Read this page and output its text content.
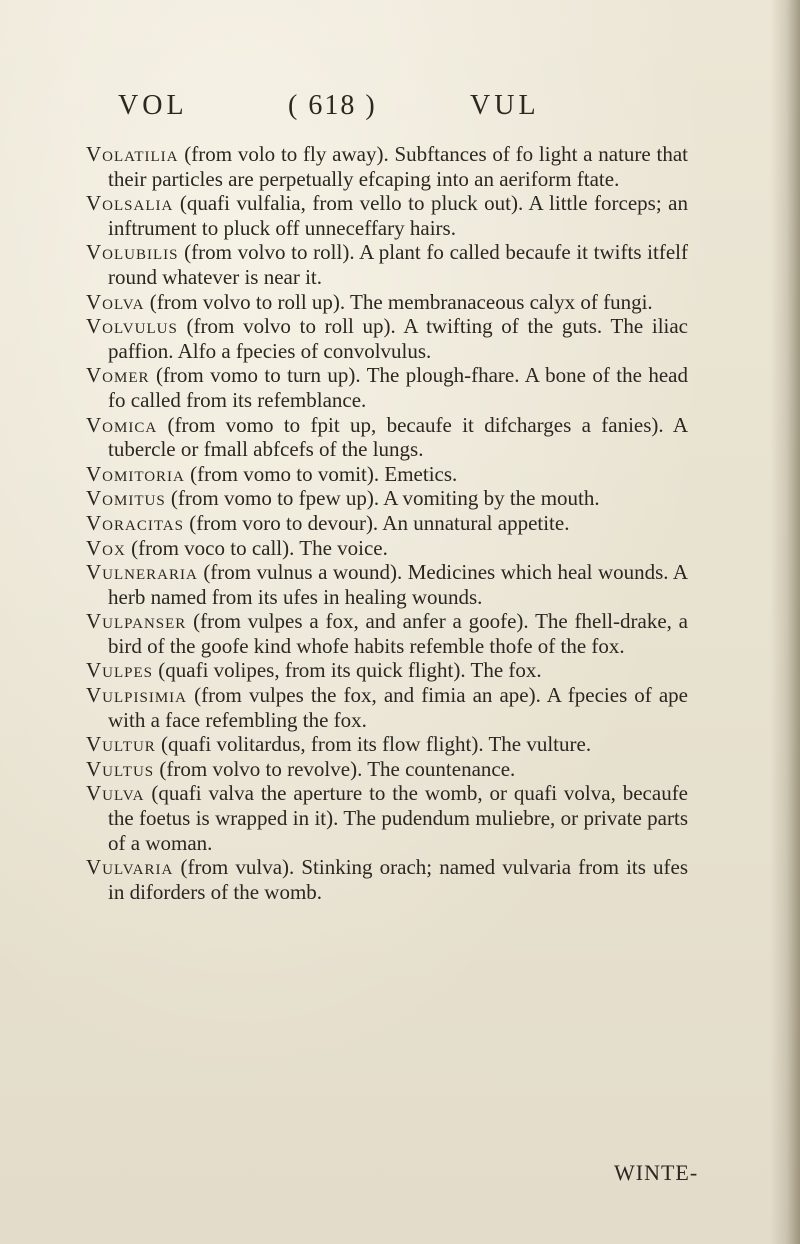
VOL	( 618 )	VUL

Volatilia (from volo to fly away). Subftances of fo light a nature that their particles are perpetually efcaping into an aeriform ftate.

Volsalia (quafi vulfalia, from vello to pluck out). A little forceps; an inftrument to pluck off unneceffary hairs.

Volubilis (from volvo to roll). A plant fo called becaufe it twifts itfelf round whatever is near it.

Volva (from volvo to roll up). The membranaceous calyx of fungi.

Volvulus (from volvo to roll up). A twifting of the guts. The iliac paffion. Alfo a fpecies of convolvulus.

Vomer (from vomo to turn up). The plough-fhare. A bone of the head fo called from its refemblance.

Vomica (from vomo to fpit up, becaufe it difcharges a fanies). A tubercle or fmall abfcefs of the lungs.

Vomitoria (from vomo to vomit). Emetics.

Vomitus (from vomo to fpew up). A vomiting by the mouth.

Voracitas (from voro to devour). An unnatural appetite.

Vox (from voco to call). The voice.

Vulneraria (from vulnus a wound). Medicines which heal wounds. A herb named from its ufes in healing wounds.

Vulpanser (from vulpes a fox, and anfer a goofe). The fhell-drake, a bird of the goofe kind whofe habits refemble thofe of the fox.

Vulpes (quafi volipes, from its quick flight). The fox.

Vulpisimia (from vulpes the fox, and fimia an ape). A fpecies of ape with a face refembling the fox.

Vultur (quafi volitardus, from its flow flight). The vulture.

Vultus (from volvo to revolve). The countenance.

Vulva (quafi valva the aperture to the womb, or quafi volva, becaufe the foetus is wrapped in it). The pudendum muliebre, or private parts of a woman.

Vulvaria (from vulva). Stinking orach; named vulvaria from its ufes in diforders of the womb.

WINTE-
